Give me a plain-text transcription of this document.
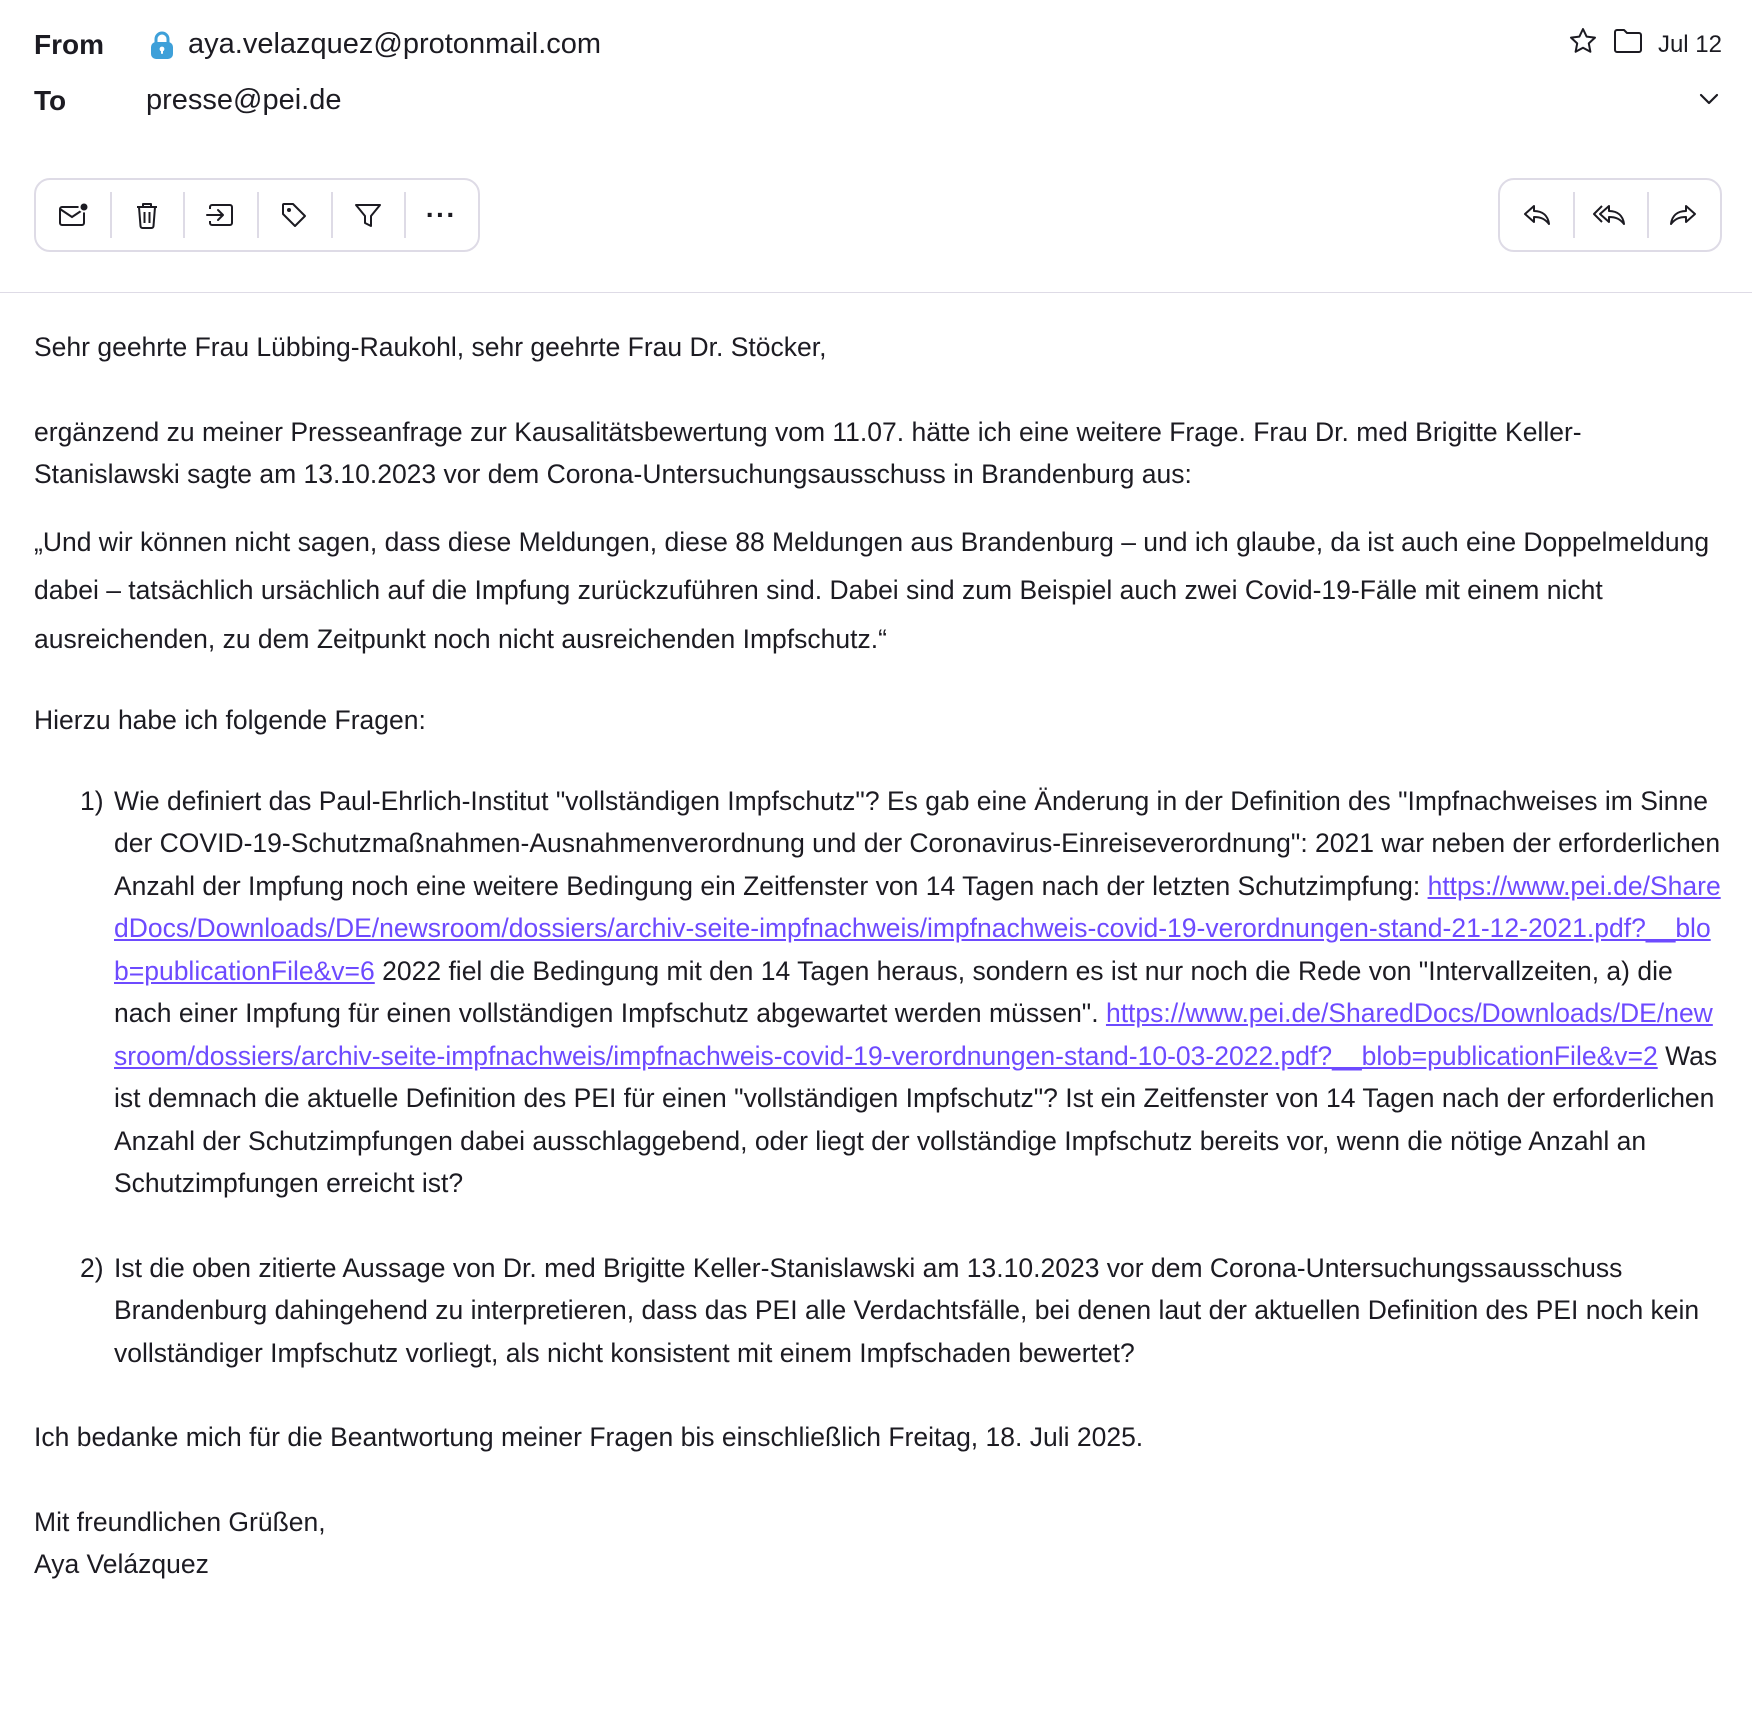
From	aya.velazquez@protonmail.com
To	presse@pei.de
Jul 12
···

Sehr geehrte Frau Lübbing-Raukohl, sehr geehrte Frau Dr. Stöcker,

ergänzend zu meiner Presseanfrage zur Kausalitätsbewertung vom 11.07. hätte ich eine weitere Frage. Frau Dr. med Brigitte Keller-Stanislawski sagte am 13.10.2023 vor dem Corona-Untersuchungsausschuss in Brandenburg aus:

„Und wir können nicht sagen, dass diese Meldungen, diese 88 Meldungen aus Brandenburg – und ich glaube, da ist auch eine Doppelmeldung dabei – tatsächlich ursächlich auf die Impfung zurückzuführen sind. Dabei sind zum Beispiel auch zwei Covid-19-Fälle mit einem nicht ausreichenden, zu dem Zeitpunkt noch nicht ausreichenden Impfschutz.“

Hierzu habe ich folgende Fragen:

1) Wie definiert das Paul-Ehrlich-Institut "vollständigen Impfschutz"? Es gab eine Änderung in der Definition des "Impfnachweises im Sinne der COVID-19-Schutzmaßnahmen-Ausnahmenverordnung und der Coronavirus-Einreiseverordnung": 2021 war neben der erforderlichen Anzahl der Impfung noch eine weitere Bedingung ein Zeitfenster von 14 Tagen nach der letzten Schutzimpfung: https://www.pei.de/SharedDocs/Downloads/DE/newsroom/dossiers/archiv-seite-impfnachweis/impfnachweis-covid-19-verordnungen-stand-21-12-2021.pdf?__blob=publicationFile&v=6 2022 fiel die Bedingung mit den 14 Tagen heraus, sondern es ist nur noch die Rede von "Intervallzeiten, a) die nach einer Impfung für einen vollständigen Impfschutz abgewartet werden müssen". https://www.pei.de/SharedDocs/Downloads/DE/newsroom/dossiers/archiv-seite-impfnachweis/impfnachweis-covid-19-verordnungen-stand-10-03-2022.pdf?__blob=publicationFile&v=2 Was ist demnach die aktuelle Definition des PEI für einen "vollständigen Impfschutz"? Ist ein Zeitfenster von 14 Tagen nach der erforderlichen Anzahl der Schutzimpfungen dabei ausschlaggebend, oder liegt der vollständige Impfschutz bereits vor, wenn die nötige Anzahl an Schutzimpfungen erreicht ist?
2) Ist die oben zitierte Aussage von Dr. med Brigitte Keller-Stanislawski am 13.10.2023 vor dem Corona-Untersuchungssausschuss Brandenburg dahingehend zu interpretieren, dass das PEI alle Verdachtsfälle, bei denen laut der aktuellen Definition des PEI noch kein vollständiger Impfschutz vorliegt, als nicht konsistent mit einem Impfschaden bewertet?

Ich bedanke mich für die Beantwortung meiner Fragen bis einschließlich Freitag, 18. Juli 2025.

Mit freundlichen Grüßen,

Aya Velázquez
